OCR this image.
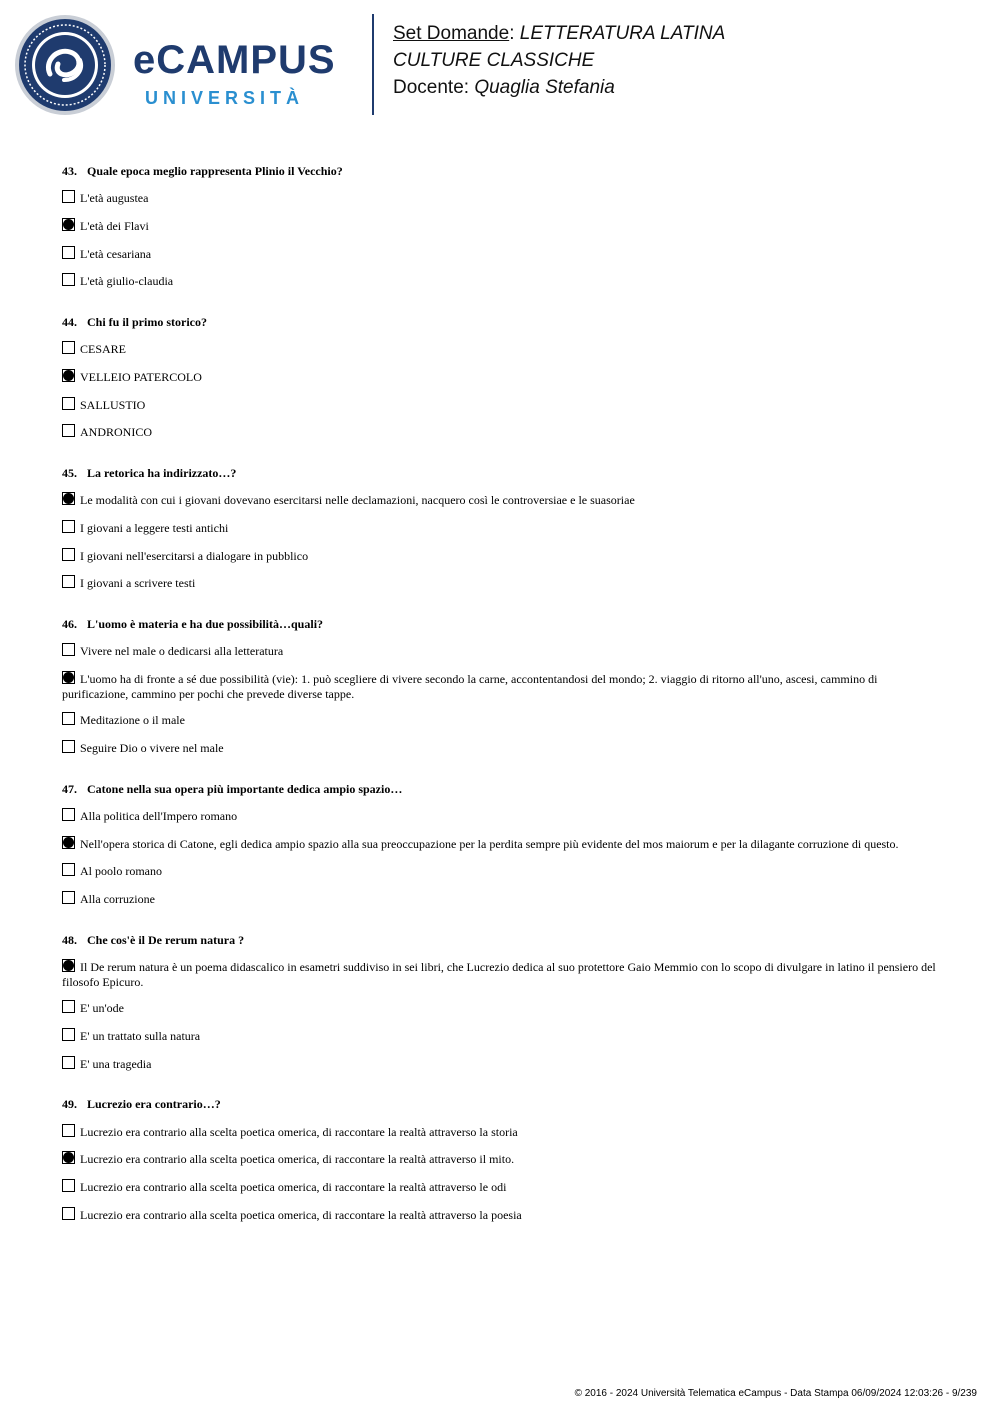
eCAMPUS
UNIVERSITÀ
Set Domande: LETTERATURA LATINA
CULTURE CLASSICHE
Docente: Quaglia Stefania
43. Quale epoca meglio rappresenta Plinio il Vecchio?
L'età augustea
L'età dei Flavi
L'età cesariana
L'età giulio-claudia
44. Chi fu il primo storico?
CESARE
VELLEIO PATERCOLO
SALLUSTIO
ANDRONICO
45. La retorica ha indirizzato…?
Le modalità con cui i giovani dovevano esercitarsi nelle declamazioni, nacquero così le controversiae e le suasoriae
I giovani a leggere testi antichi
I giovani nell'esercitarsi a dialogare in pubblico
I giovani a scrivere testi
46. L'uomo è materia e ha due possibilità…quali?
Vivere nel male o dedicarsi alla letteratura
L'uomo ha di fronte a sé due possibilità (vie): 1. può scegliere di vivere secondo la carne, accontentandosi del mondo; 2. viaggio di ritorno all'uno, ascesi, cammino di purificazione, cammino per pochi che prevede diverse tappe.
Meditazione o il male
Seguire Dio o vivere nel male
47. Catone nella sua opera più importante dedica ampio spazio…
Alla politica dell'Impero romano
Nell'opera storica di Catone, egli dedica ampio spazio alla sua preoccupazione per la perdita sempre più evidente del mos maiorum e per la dilagante corruzione di questo.
Al poolo romano
Alla corruzione
48. Che cos'è il De rerum natura ?
Il De rerum natura è un poema didascalico in esametri suddiviso in sei libri, che Lucrezio dedica al suo protettore Gaio Memmio con lo scopo di divulgare in latino il pensiero del filosofo Epicuro.
E' un'ode
E' un trattato sulla natura
E' una tragedia
49. Lucrezio era contrario…?
Lucrezio era contrario alla scelta poetica omerica, di raccontare la realtà attraverso la storia
Lucrezio era contrario alla scelta poetica omerica, di raccontare la realtà attraverso il mito.
Lucrezio era contrario alla scelta poetica omerica, di raccontare la realtà attraverso le odi
Lucrezio era contrario alla scelta poetica omerica, di raccontare la realtà attraverso la poesia
© 2016 - 2024 Università Telematica eCampus - Data Stampa 06/09/2024 12:03:26 - 9/239
